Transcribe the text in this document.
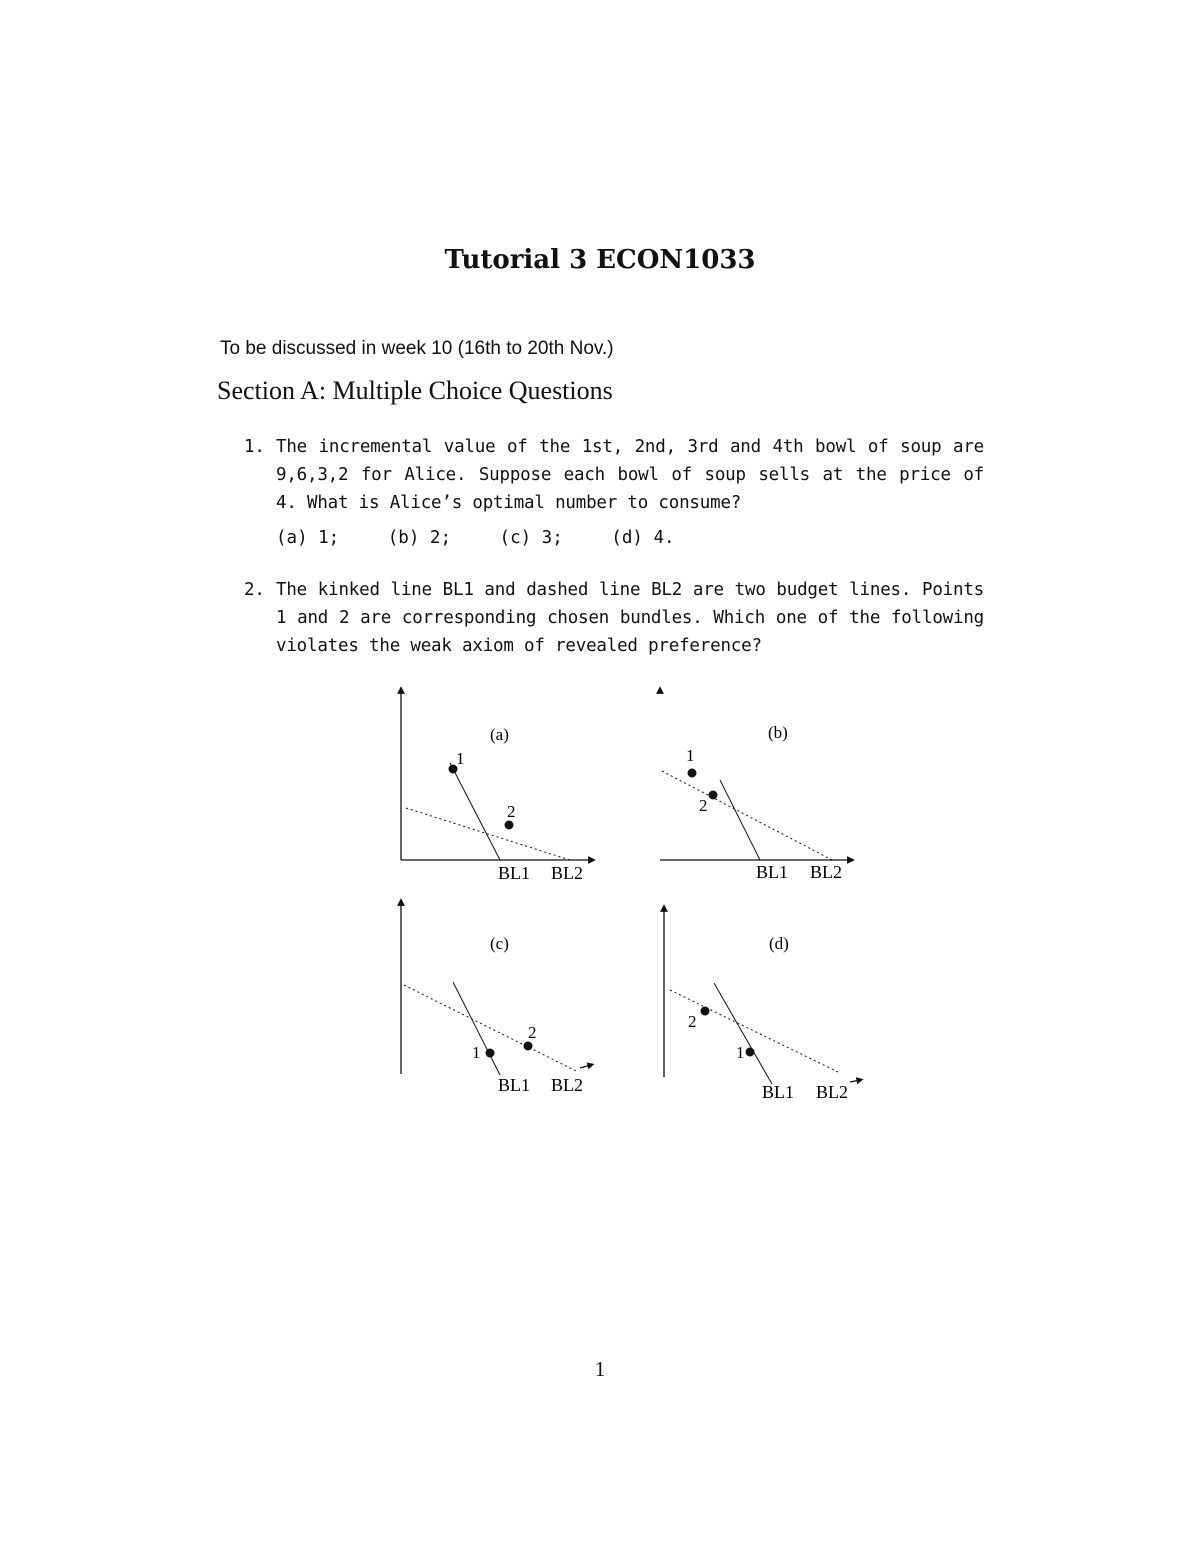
Tutorial 3 ECON1033
To be discussed in week 10 (16th to 20th Nov.)
Section A: Multiple Choice Questions
1. The incremental value of the 1st, 2nd, 3rd and 4th bowl of soup are 9,6,3,2 for Alice. Suppose each bowl of soup sells at the price of 4. What is Alice’s optimal number to consume?
(a) 1;	(b) 2;	(c) 3;	(d) 4.
2. The kinked line BL1 and dashed line BL2 are two budget lines. Points 1 and 2 are corresponding chosen bundles. Which one of the following violates the weak axiom of revealed preference?
(a)
1
2
BL1 BL2
(b)
1
2
BL1 BL2
(c)
1
2
BL1 BL2
(d)
1
2
BL1 BL2
1
